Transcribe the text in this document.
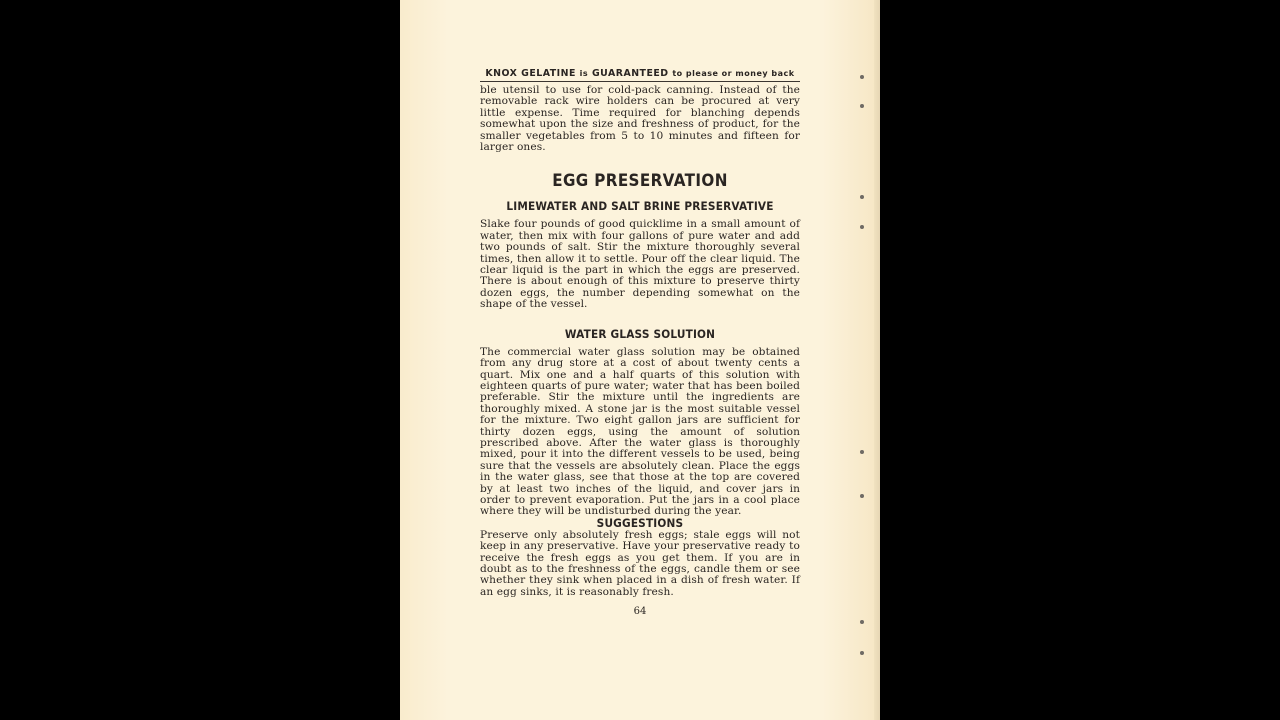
KNOX GELATINE is GUARANTEED to please or money back

ble utensil to use for cold-pack canning. Instead of the removable rack wire holders can be procured at very little expense. Time required for blanching depends somewhat upon the size and freshness of product, for the smaller vegetables from 5 to 10 minutes and fifteen for larger ones.

EGG PRESERVATION
LIMEWATER AND SALT BRINE PRESERVATIVE

Slake four pounds of good quicklime in a small amount of water, then mix with four gallons of pure water and add two pounds of salt. Stir the mixture thoroughly several times, then allow it to settle. Pour off the clear liquid. The clear liquid is the part in which the eggs are preserved. There is about enough of this mixture to preserve thirty dozen eggs, the number depending somewhat on the shape of the vessel.

WATER GLASS SOLUTION

The commercial water glass solution may be obtained from any drug store at a cost of about twenty cents a quart. Mix one and a half quarts of this solution with eighteen quarts of pure water; water that has been boiled preferable. Stir the mixture until the ingredients are thoroughly mixed. A stone jar is the most suitable vessel for the mixture. Two eight gallon jars are sufficient for thirty dozen eggs, using the amount of solution prescribed above. After the water glass is thoroughly mixed, pour it into the different vessels to be used, being sure that the vessels are absolutely clean. Place the eggs in the water glass, see that those at the top are covered by at least two inches of the liquid, and cover jars in order to prevent evaporation. Put the jars in a cool place where they will be undisturbed during the year.

SUGGESTIONS

Preserve only absolutely fresh eggs; stale eggs will not keep in any preservative. Have your preservative ready to receive the fresh eggs as you get them. If you are in doubt as to the freshness of the eggs, candle them or see whether they sink when placed in a dish of fresh water. If an egg sinks, it is reasonably fresh.

64
